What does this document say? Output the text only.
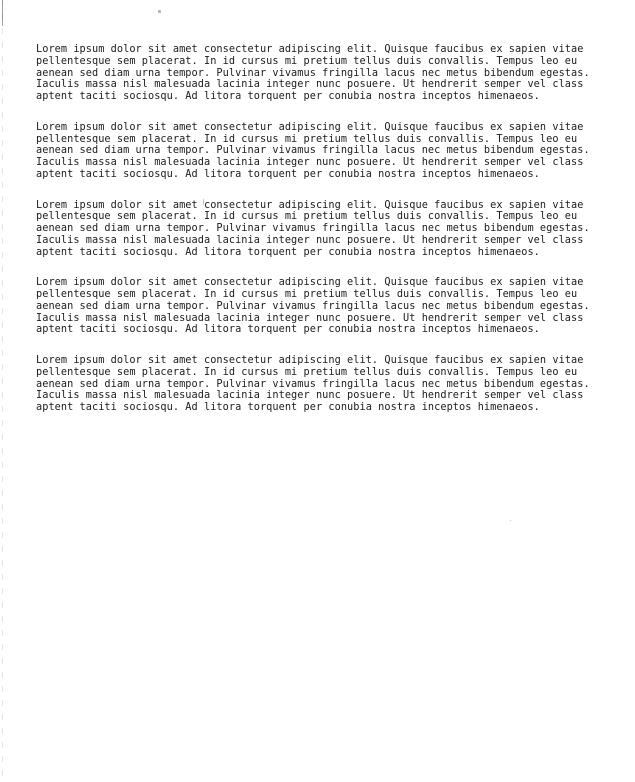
Lorem ipsum dolor sit amet consectetur adipiscing elit. Quisque faucibus ex sapien vitae
pellentesque sem placerat. In id cursus mi pretium tellus duis convallis. Tempus leo eu
aenean sed diam urna tempor. Pulvinar vivamus fringilla lacus nec metus bibendum egestas.
Iaculis massa nisl malesuada lacinia integer nunc posuere. Ut hendrerit semper vel class
aptent taciti sociosqu. Ad litora torquent per conubia nostra inceptos himenaeos.

Lorem ipsum dolor sit amet consectetur adipiscing elit. Quisque faucibus ex sapien vitae
pellentesque sem placerat. In id cursus mi pretium tellus duis convallis. Tempus leo eu
aenean sed diam urna tempor. Pulvinar vivamus fringilla lacus nec metus bibendum egestas.
Iaculis massa nisl malesuada lacinia integer nunc posuere. Ut hendrerit semper vel class
aptent taciti sociosqu. Ad litora torquent per conubia nostra inceptos himenaeos.

Lorem ipsum dolor sit amet consectetur adipiscing elit. Quisque faucibus ex sapien vitae
pellentesque sem placerat. In id cursus mi pretium tellus duis convallis. Tempus leo eu
aenean sed diam urna tempor. Pulvinar vivamus fringilla lacus nec metus bibendum egestas.
Iaculis massa nisl malesuada lacinia integer nunc posuere. Ut hendrerit semper vel class
aptent taciti sociosqu. Ad litora torquent per conubia nostra inceptos himenaeos.

Lorem ipsum dolor sit amet consectetur adipiscing elit. Quisque faucibus ex sapien vitae
pellentesque sem placerat. In id cursus mi pretium tellus duis convallis. Tempus leo eu
aenean sed diam urna tempor. Pulvinar vivamus fringilla lacus nec metus bibendum egestas.
Iaculis massa nisl malesuada lacinia integer nunc posuere. Ut hendrerit semper vel class
aptent taciti sociosqu. Ad litora torquent per conubia nostra inceptos himenaeos.

Lorem ipsum dolor sit amet consectetur adipiscing elit. Quisque faucibus ex sapien vitae
pellentesque sem placerat. In id cursus mi pretium tellus duis convallis. Tempus leo eu
aenean sed diam urna tempor. Pulvinar vivamus fringilla lacus nec metus bibendum egestas.
Iaculis massa nisl malesuada lacinia integer nunc posuere. Ut hendrerit semper vel class
aptent taciti sociosqu. Ad litora torquent per conubia nostra inceptos himenaeos.
